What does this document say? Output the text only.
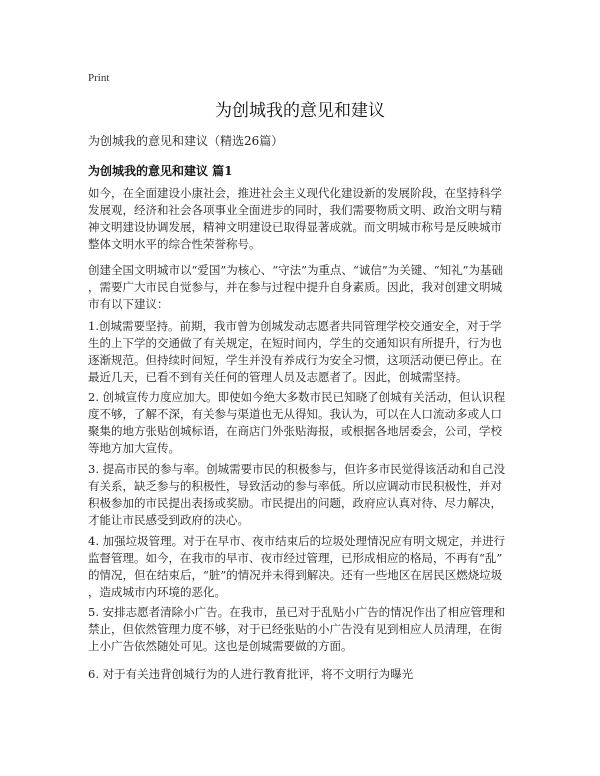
Print
为创城我的意见和建议
为创城我的意见和建议（精选26篇）
为创城我的意见和建议 篇1
如今，在全面建设小康社会，推进社会主义现代化建设新的发展阶段，在坚持科学
发展观，经济和社会各项事业全面进步的同时，我们需要物质文明、政治文明与精
神文明建设协调发展，精神文明建设已取得显著成就。而文明城市称号是反映城市
整体文明水平的综合性荣誉称号。
创建全国文明城市以“爱国”为核心、“守法”为重点、“诚信”为关键、“知礼”为基础
，需要广大市民自觉参与，并在参与过程中提升自身素质。因此，我对创建文明城
市有以下建议：
1.创城需要坚持。前期，我市曾为创城发动志愿者共同管理学校交通安全，对于学
生的上下学的交通做了有关规定，在短时间内，学生的交通知识有所提升，行为也
逐渐规范。但持续时间短，学生并没有养成行为安全习惯，这项活动便已停止。在
最近几天，已看不到有关任何的管理人员及志愿者了。因此，创城需坚持。
2. 创城宣传力度应加大。即使如今绝大多数市民已知晓了创城有关活动，但认识程
度不够，了解不深，有关参与渠道也无从得知。我认为，可以在人口流动多或人口
聚集的地方张贴创城标语，在商店门外张贴海报，或根据各地居委会，公司，学校
等地方加大宣传。
3. 提高市民的参与率。创城需要市民的积极参与，但许多市民觉得该活动和自己没
有关系，缺乏参与的积极性，导致活动的参与率低。所以应调动市民积极性，并对
积极参加的市民提出表扬或奖励。市民提出的问题，政府应认真对待、尽力解决，
才能让市民感受到政府的决心。
4. 加强垃圾管理。对于在早市、夜市结束后的垃圾处理情况应有明文规定，并进行
监督管理。如今，在我市的早市、夜市经过管理，已形成相应的格局，不再有“乱”
的情况，但在结束后，“脏”的情况并未得到解决。还有一些地区在居民区燃烧垃圾
，造成城市内环境的恶化。
5. 安排志愿者清除小广告。在我市，虽已对于乱贴小广告的情况作出了相应管理和
禁止，但依然管理力度不够，对于已经张贴的小广告没有见到相应人员清理，在街
上小广告依然随处可见。这也是创城需要做的方面。
6. 对于有关违背创城行为的人进行教育批评，将不文明行为曝光
